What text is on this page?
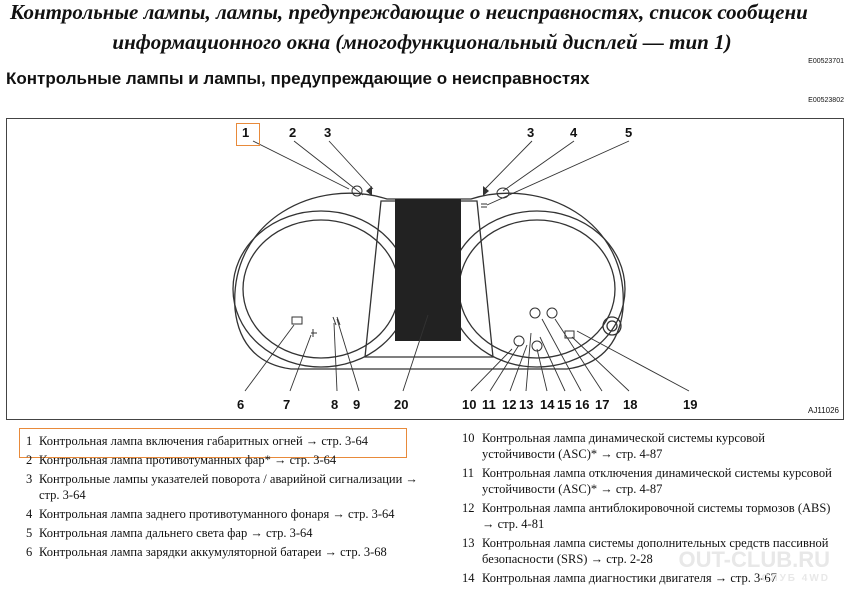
Контрольные лампы, лампы, предупреждающие о неисправностях, список сообщени
информационного окна (многофункциональный дисплей — тип 1)
E00523701
Контрольные лампы и лампы, предупреждающие о неисправностях
E00523802
1	2 3	3	4	5
6	7	8 9	20	10 11 12 13 14 15 16 17 18	19	AJ11026
1 Контрольная лампа включения габаритных огней → стр. 3-64
2 Контрольная лампа противотуманных фар* → стр. 3-64
3 Контрольные лампы указателей поворота / аварийной сигнализации → стр. 3-64
4 Контрольная лампа заднего противотуманного фонаря → стр. 3-64
5 Контрольная лампа дальнего света фар → стр. 3-64
6 Контрольная лампа зарядки аккумуляторной батареи → стр. 3-68
10 Контрольная лампа динамической системы курсовой устойчивости (ASC)* → стр. 4-87
11 Контрольная лампа отключения динамической системы курсовой устойчивости (ASC)* → стр. 4-87
12 Контрольная лампа антиблокировочной системы тормозов (ABS) → стр. 4-81
13 Контрольная лампа системы дополнительных средств пассивной безопасности (SRS) → стр. 2-28
14 Контрольная лампа диагностики двигателя → стр. 3-67
OUT-CLUB.RU
СЛУБ 4WD
